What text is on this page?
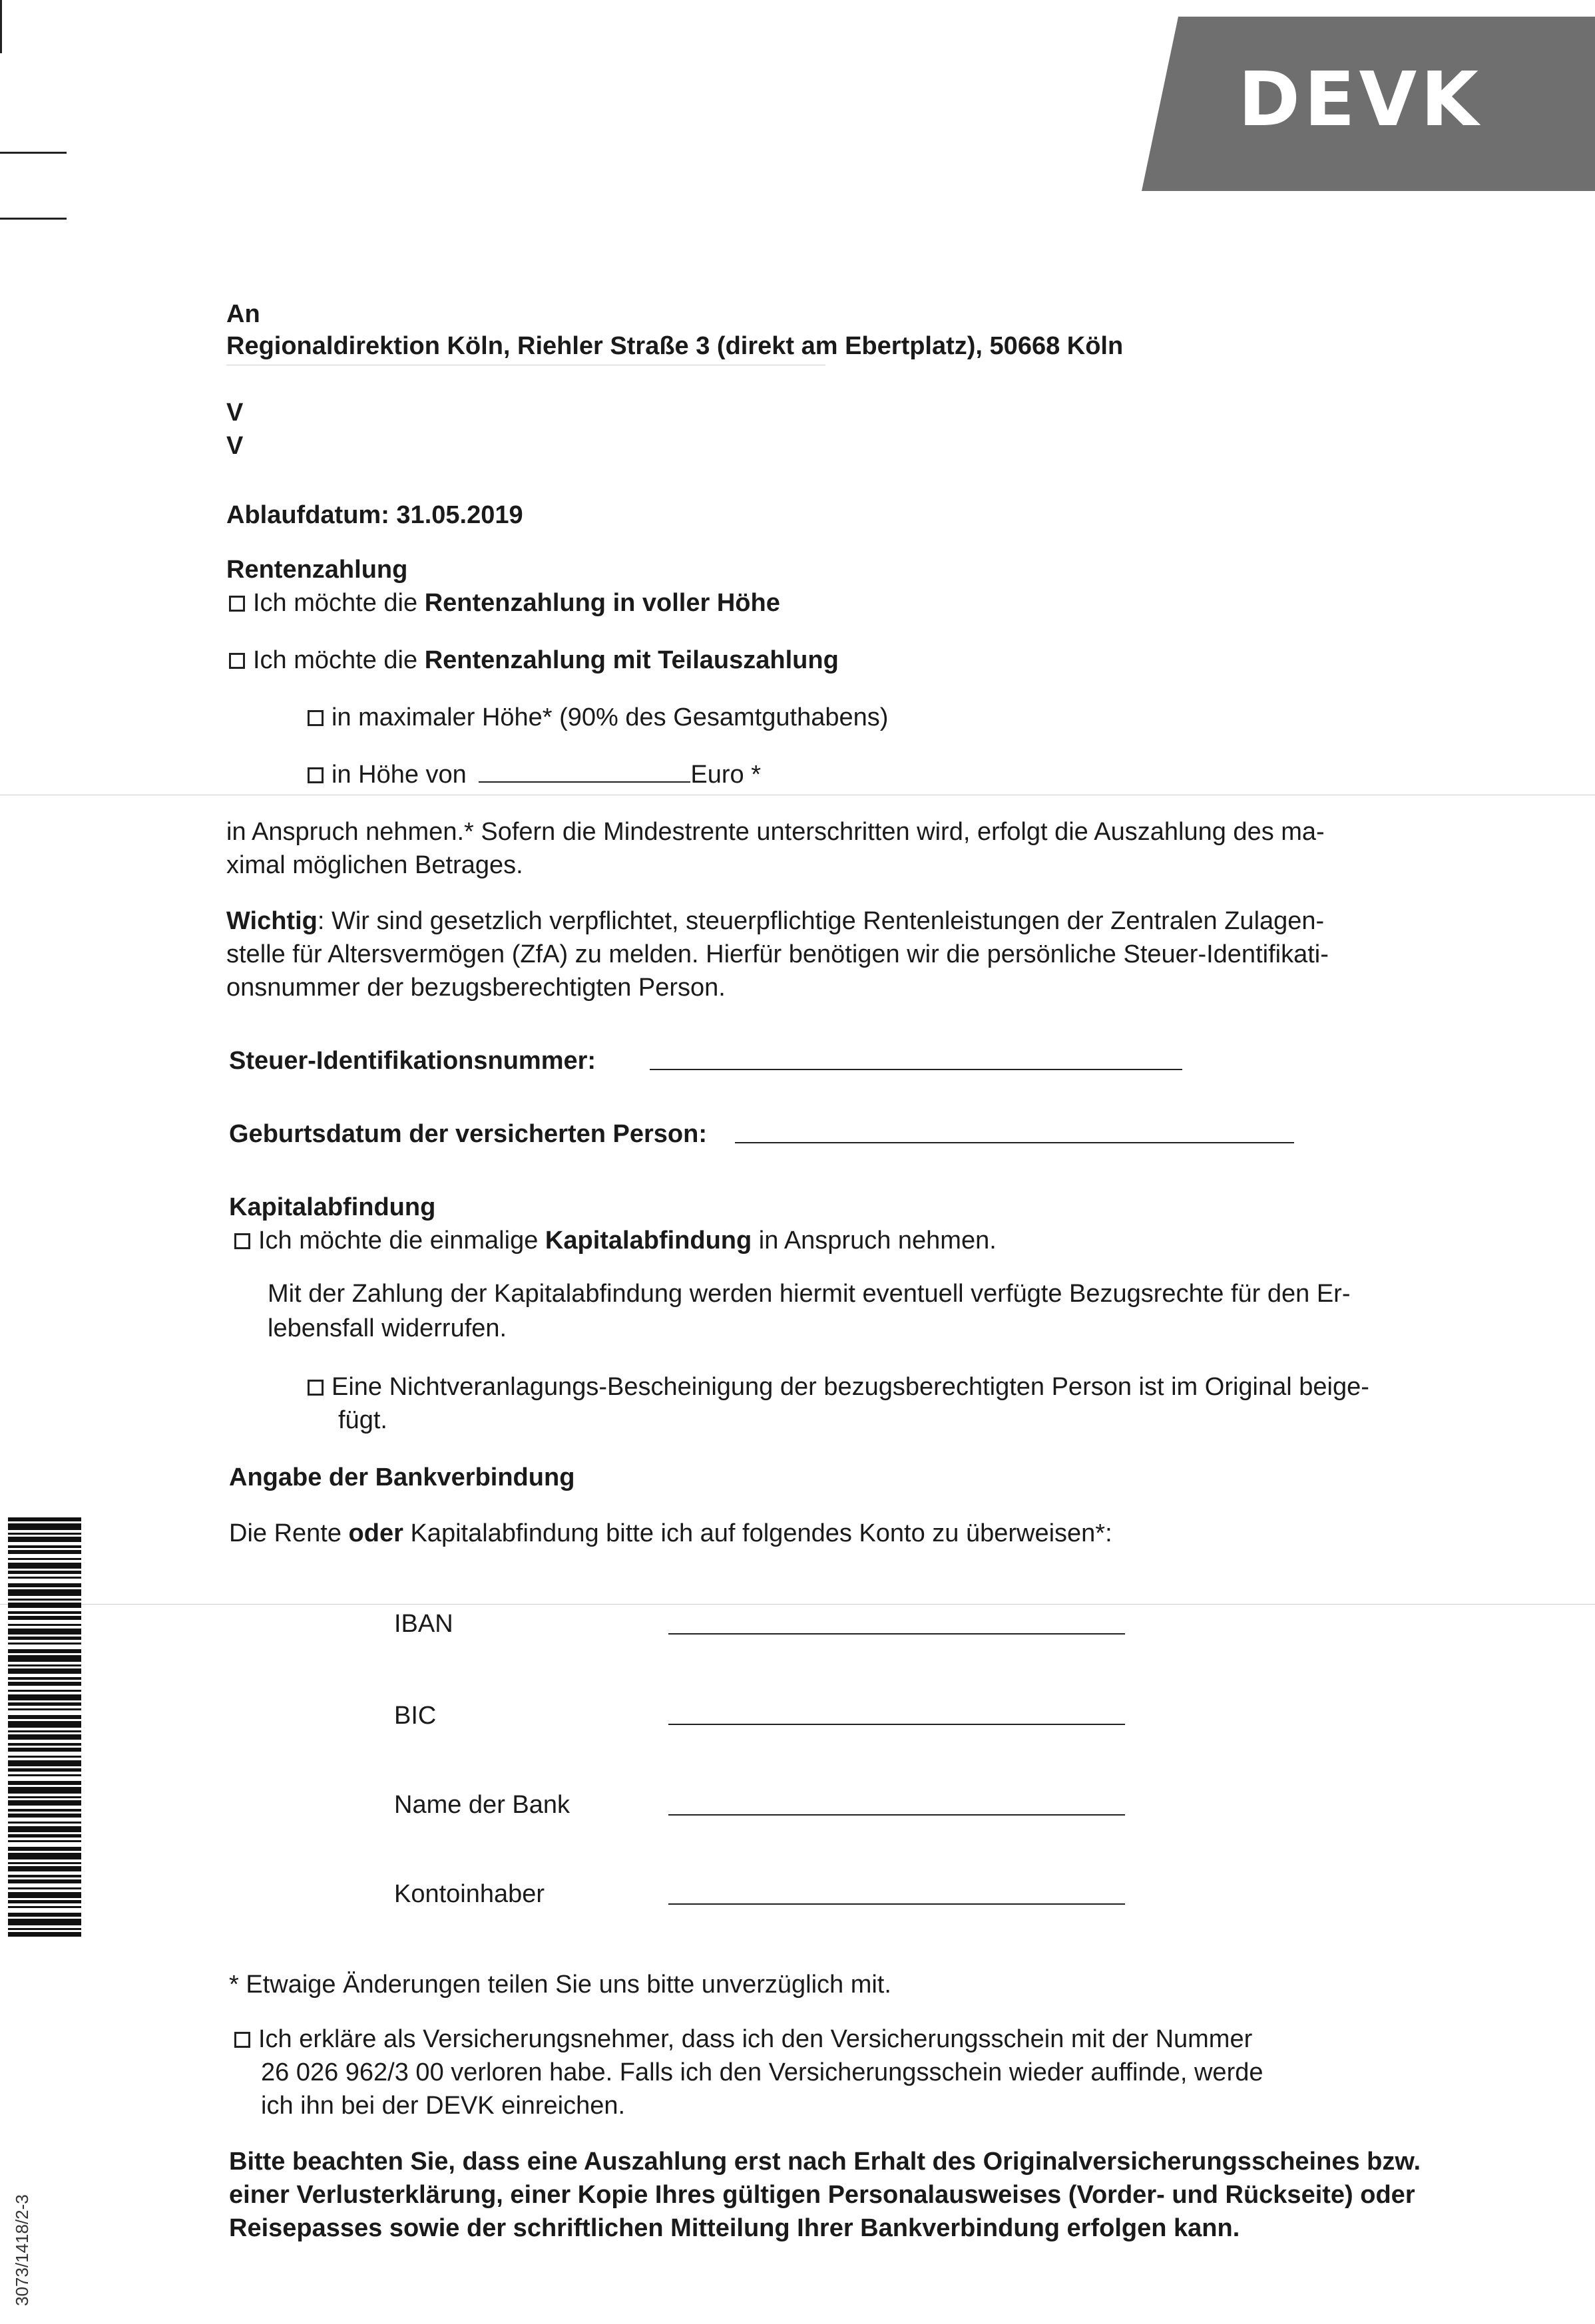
DEVK
An
Regionaldirektion Köln, Riehler Straße 3 (direkt am Ebertplatz), 50668 Köln
V
V
Ablaufdatum: 31.05.2019
Rentenzahlung
Ich möchte die Rentenzahlung in voller Höhe
Ich möchte die Rentenzahlung mit Teilauszahlung
in maximaler Höhe* (90% des Gesamtguthabens)
in Höhe von	Euro *
in Anspruch nehmen.* Sofern die Mindestrente unterschritten wird, erfolgt die Auszahlung des ma-
ximal möglichen Betrages.
Wichtig: Wir sind gesetzlich verpflichtet, steuerpflichtige Rentenleistungen der Zentralen Zulagen-
stelle für Altersvermögen (ZfA) zu melden. Hierfür benötigen wir die persönliche Steuer-Identifikati-
onsnummer der bezugsberechtigten Person.
Steuer-Identifikationsnummer:
Geburtsdatum der versicherten Person:
Kapitalabfindung
Ich möchte die einmalige Kapitalabfindung in Anspruch nehmen.
Mit der Zahlung der Kapitalabfindung werden hiermit eventuell verfügte Bezugsrechte für den Er-
lebensfall widerrufen.
Eine Nichtveranlagungs-Bescheinigung der bezugsberechtigten Person ist im Original beige-
fügt.
Angabe der Bankverbindung
Die Rente oder Kapitalabfindung bitte ich auf folgendes Konto zu überweisen*:
IBAN
BIC
Name der Bank
Kontoinhaber
* Etwaige Änderungen teilen Sie uns bitte unverzüglich mit.
Ich erkläre als Versicherungsnehmer, dass ich den Versicherungsschein mit der Nummer
26 026 962/3 00 verloren habe. Falls ich den Versicherungsschein wieder auffinde, werde
ich ihn bei der DEVK einreichen.
Bitte beachten Sie, dass eine Auszahlung erst nach Erhalt des Originalversicherungsscheines bzw.
einer Verlusterklärung, einer Kopie Ihres gültigen Personalausweises (Vorder- und Rückseite) oder
Reisepasses sowie der schriftlichen Mitteilung Ihrer Bankverbindung erfolgen kann.
3073/1418/2-3
